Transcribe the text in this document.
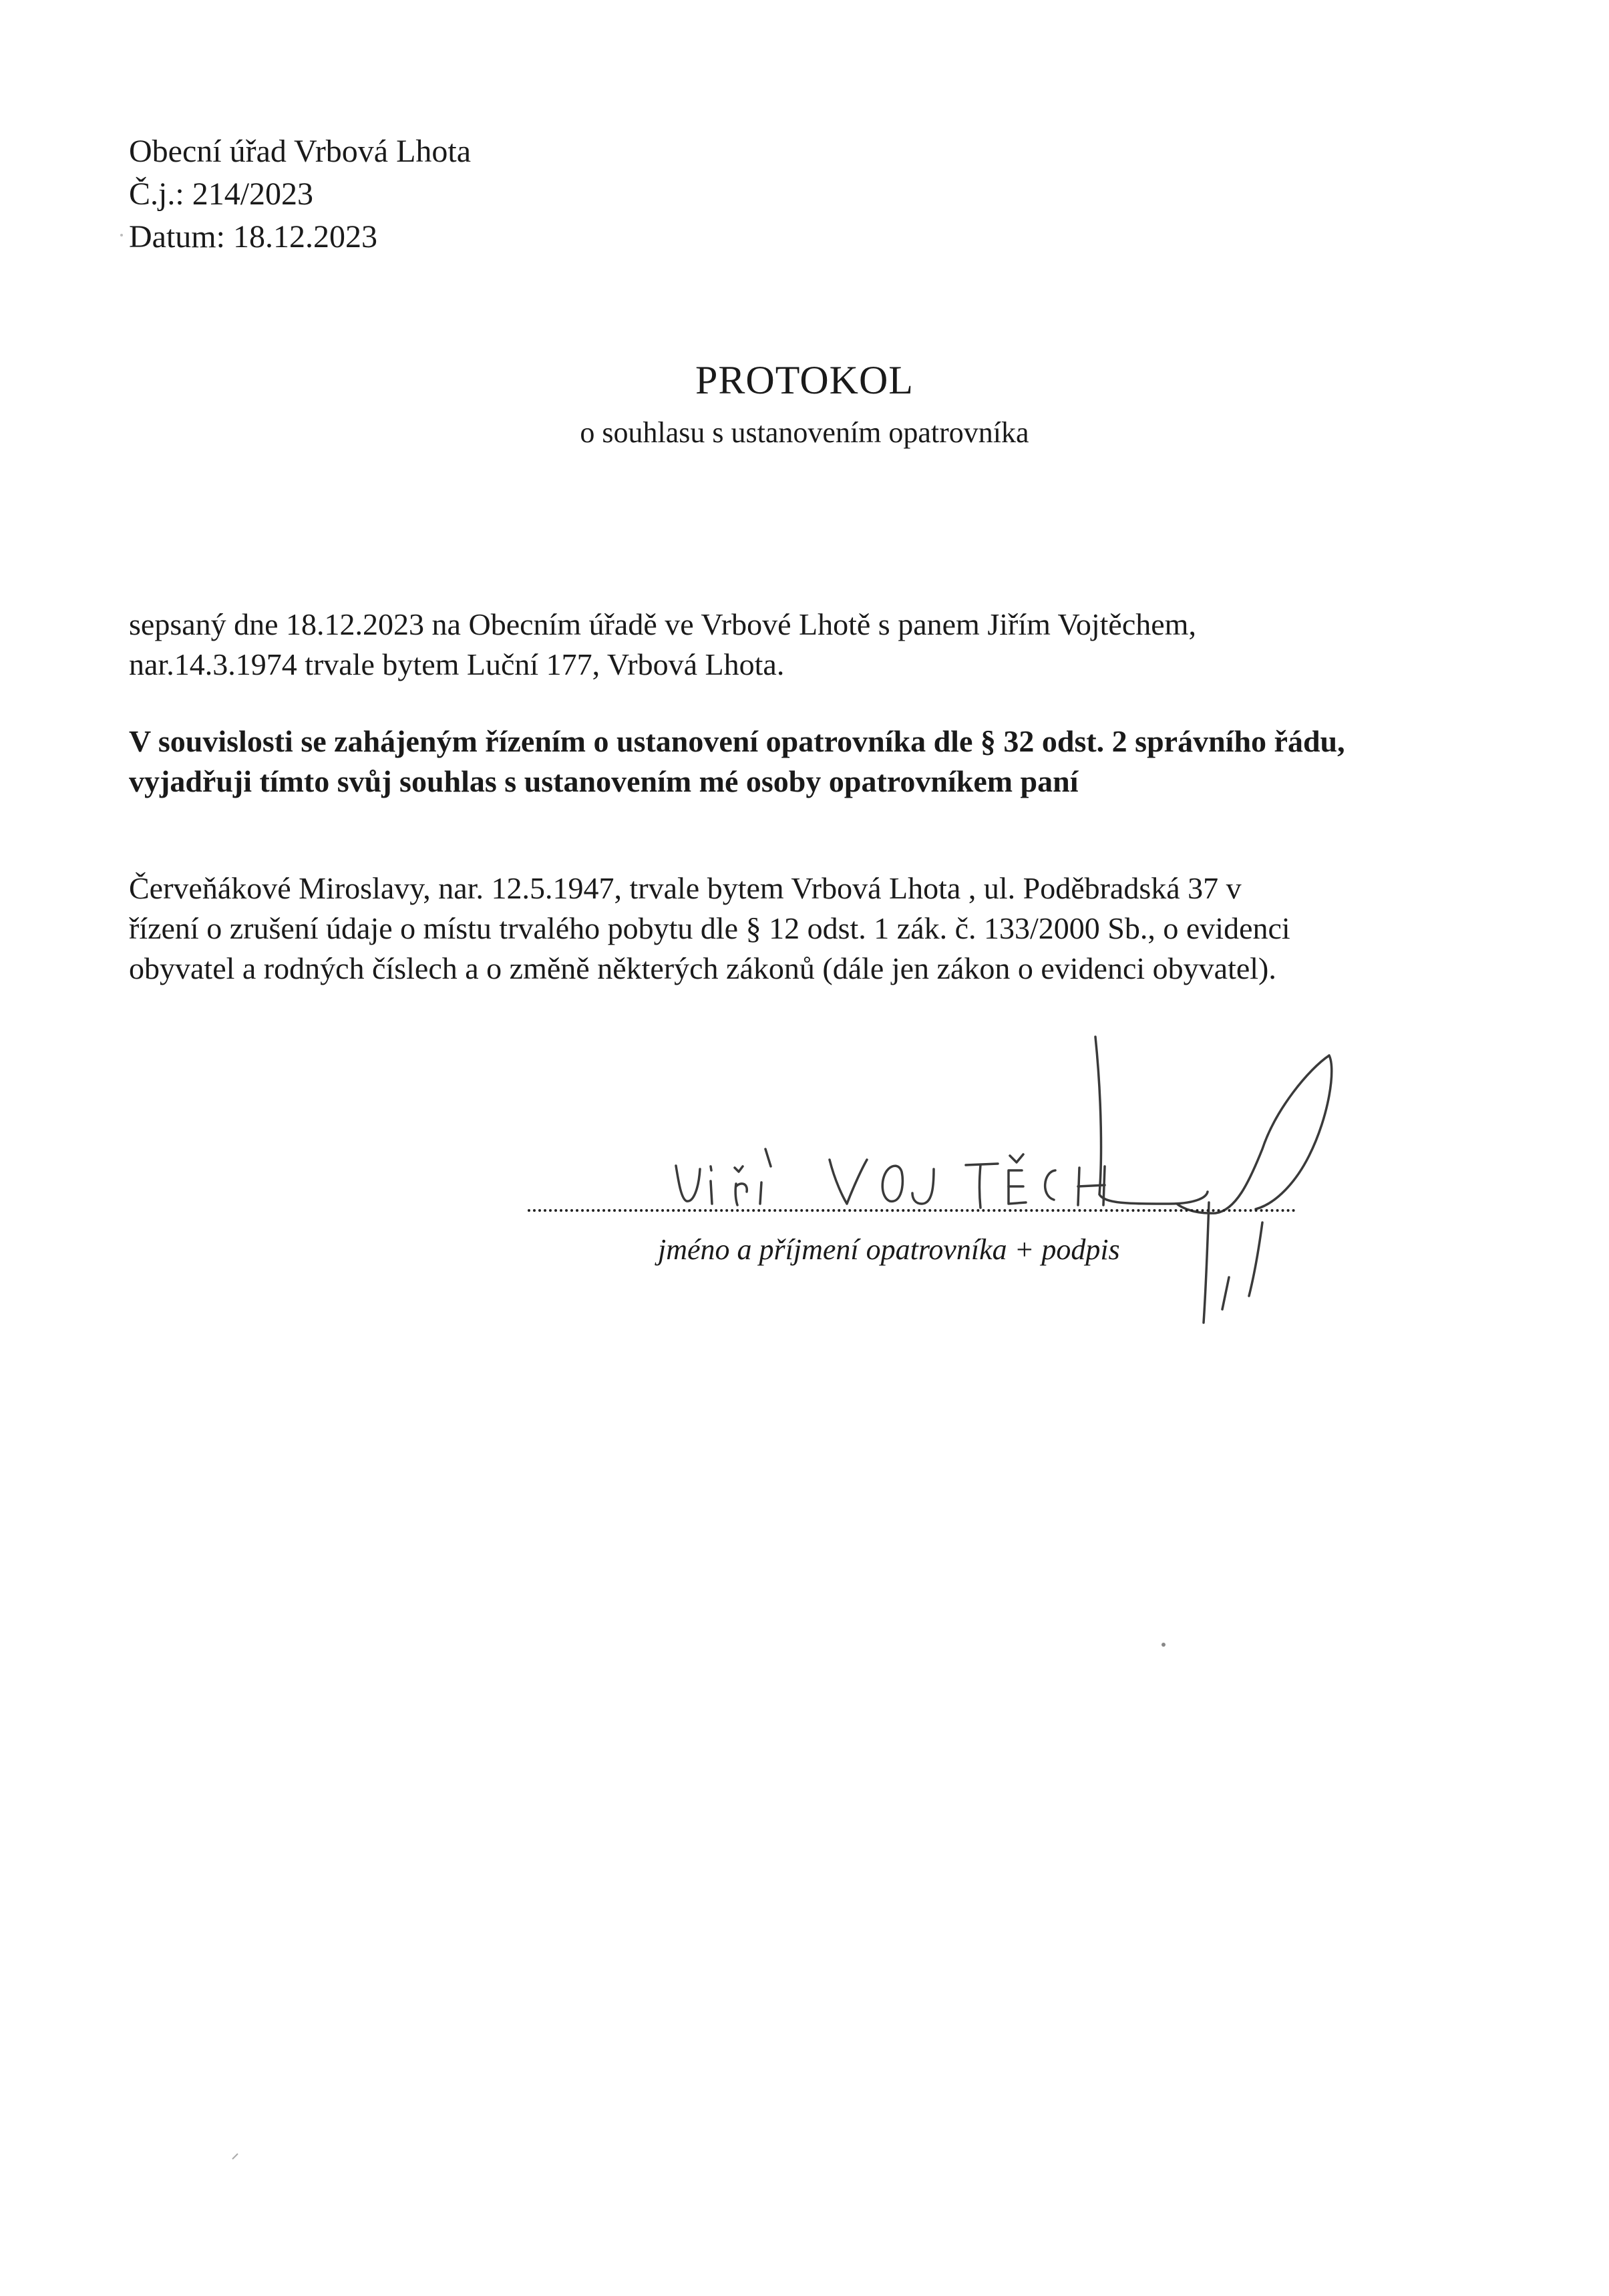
Obecní úřad Vrbová Lhota
Č.j.: 214/2023
Datum: 18.12.2023
PROTOKOL
o souhlasu s ustanovením opatrovníka
sepsaný dne 18.12.2023 na Obecním úřadě ve Vrbové Lhotě s panem Jiřím Vojtěchem,
nar.14.3.1974 trvale bytem Luční 177, Vrbová Lhota.
V souvislosti se zahájeným řízením o ustanovení opatrovníka dle § 32 odst. 2 správního řádu,
vyjadřuji tímto svůj souhlas s ustanovením mé osoby opatrovníkem paní
Červeňákové Miroslavy, nar. 12.5.1947, trvale bytem Vrbová Lhota , ul. Poděbradská 37 v
řízení o zrušení údaje o místu trvalého pobytu dle § 12 odst. 1 zák. č. 133/2000 Sb., o evidenci
obyvatel a rodných číslech a o změně některých zákonů (dále jen zákon o evidenci obyvatel).
jméno a příjmení opatrovníka + podpis
